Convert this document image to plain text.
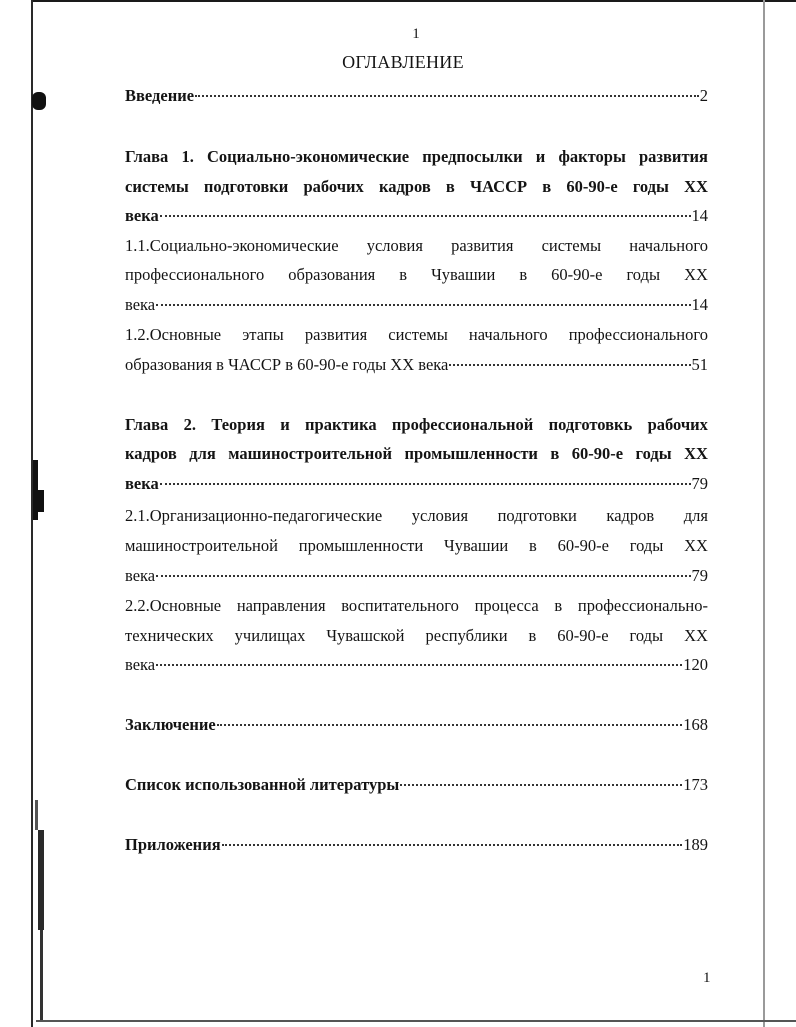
1
ОГЛАВЛЕНИЕ
Введение	2
Глава 1. Социально-экономические предпосылки и факторы развития
системы подготовки рабочих кадров в ЧАССР в 60-90-е годы XX
века	14
1.1.Социально-экономические условия развития системы начального
профессионального образования в Чувашии в 60-90-е годы XX
века	14
1.2.Основные этапы развития системы начального профессионального
образования в ЧАССР в 60-90-е годы XX века	51
Глава 2. Теория и практика профессиональной подготовкь рабочих
кадров для машиностроительной промышленности в 60-90-е годы XX
века	79
2.1.Организационно-педагогические условия подготовки кадров для
машиностроительной промышленности Чувашии в 60-90-е годы XX
века	79
2.2.Основные направления воспитательного процесса в профессионально-
технических училищах Чувашской республики в 60-90-е годы XX
века	120
Заключение	168
Список использованной литературы	173
Приложения	189
1
